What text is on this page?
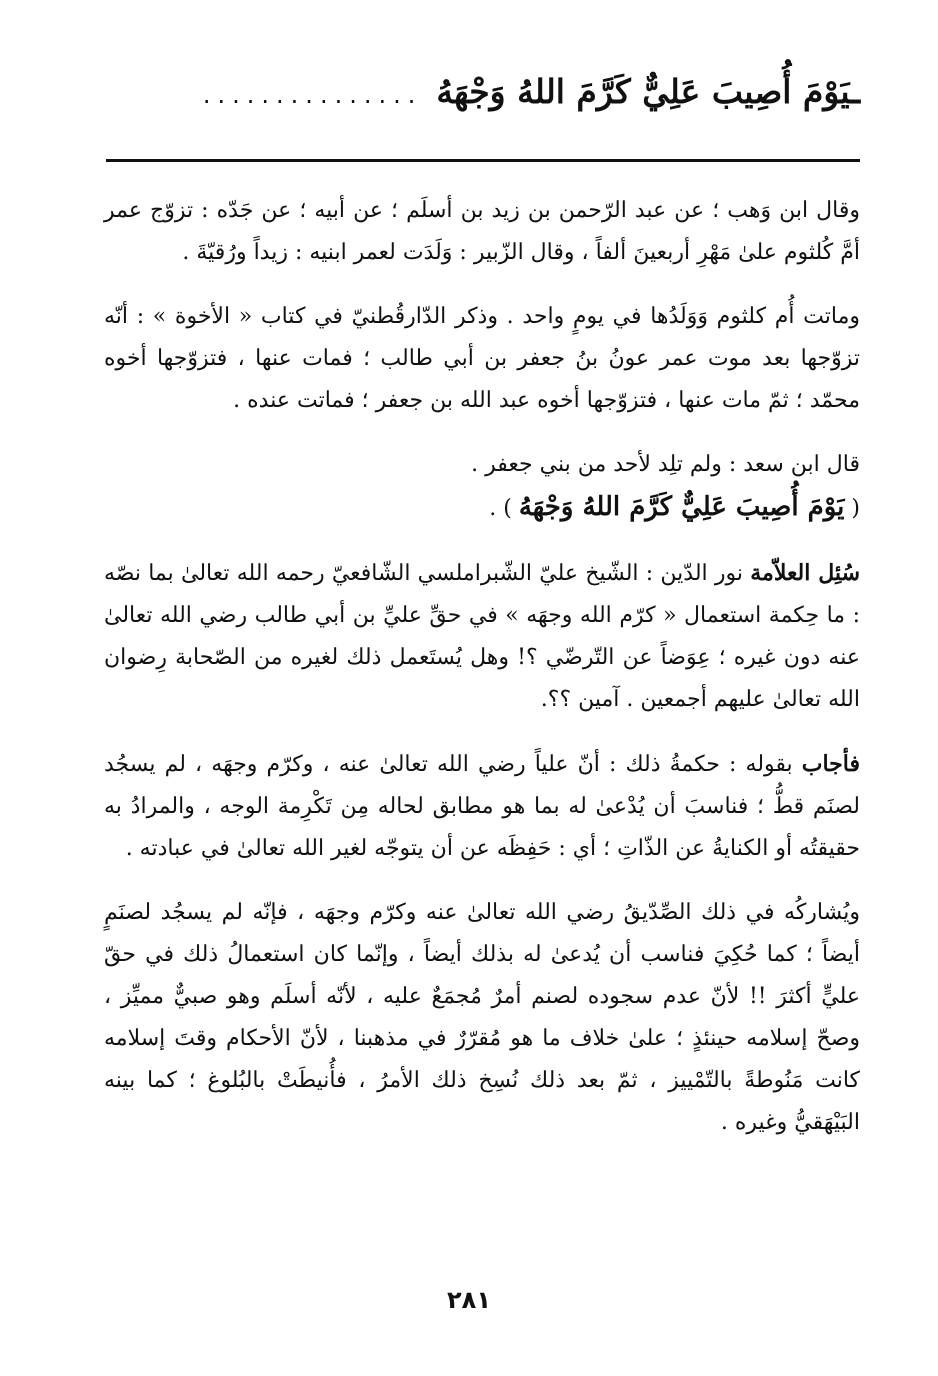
ـيَوْمَ أُصِيبَ عَلِيٌّ كَرَّمَ اللهُ وَجْهَهُ
...............

وقال ابن وَهب ؛ عن عبد الرّحمن بن زيد بن أسلَم ؛ عن أبيه ؛ عن جَدّه : تزوّج عمر أمَّ كُلثوم علىٰ مَهْرِ أربعينَ ألفاً ، وقال الزّبير : وَلَدَت لعمر ابنيه : زيداً ورُقيّةَ .

وماتت أُم كلثوم وَوَلَدُها في يومٍ واحد . وذكر الدّارقُطنيّ في كتاب « الأخوة » : أنّه تزوّجها بعد موت عمر عونُ بنُ جعفر بن أبي طالب ؛ فمات عنها ، فتزوّجها أخوه محمّد ؛ ثمّ مات عنها ، فتزوّجها أخوه عبد الله بن جعفر ؛ فماتت عنده .

قال ابن سعد : ولم تلِد لأحد من بني جعفر .

( يَوْمَ أُصِيبَ عَلِيٌّ كَرَّمَ اللهُ وَجْهَهُ ) .

سُئِل العلاّمة نور الدّين : الشّيخ عليّ الشّبراملسي الشّافعيّ رحمه الله تعالىٰ بما نصّه : ما حِكمة استعمال « كرّم الله وجهَه » في حقِّ عليِّ بن أبي طالب رضي الله تعالىٰ عنه دون غيره ؛ عِوَضاً عن التّرضّي ؟! وهل يُستَعمل ذلك لغيره من الصّحابة رِضوان الله تعالىٰ عليهم أجمعين . آمين ؟؟.

فأجاب بقوله : حكمةُ ذلك : أنّ علياً رضي الله تعالىٰ عنه ، وكرّم وجهَه ، لم يسجُد لصنَم قطُّ ؛ فناسبَ أن يُدْعىٰ له بما هو مطابق لحاله مِن تَكْرِمة الوجه ، والمرادُ به حقيقتُه أو الكنايةُ عن الذّاتِ ؛ أي : حَفِظَه عن أن يتوجّه لغير الله تعالىٰ في عبادته .

ويُشاركُه في ذلك الصِّدّيقُ رضي الله تعالىٰ عنه وكرّم وجهَه ، فإنّه لم يسجُد لصنَمٍ أيضاً ؛ كما حُكِيَ فناسب أن يُدعىٰ له بذلك أيضاً ، وإنّما كان استعمالُ ذلك في حقّ عليٍّ أكثرَ !! لأنّ عدم سجوده لصنم أمرٌ مُجمَعٌ عليه ، لأنّه أسلَم وهو صبيٌّ مميِّز ، وصحّ إسلامه حينئذٍ ؛ علىٰ خلاف ما هو مُقرّرٌ في مذهبنا ، لأنّ الأحكام وقتَ إسلامه كانت مَنُوطةً بالتّمْييز ، ثمّ بعد ذلك نُسِخ ذلك الأمرُ ، فأُنيطَتْ بالبُلوغ ؛ كما بينه البَيْهَقيُّ وغيره .

٢٨١
